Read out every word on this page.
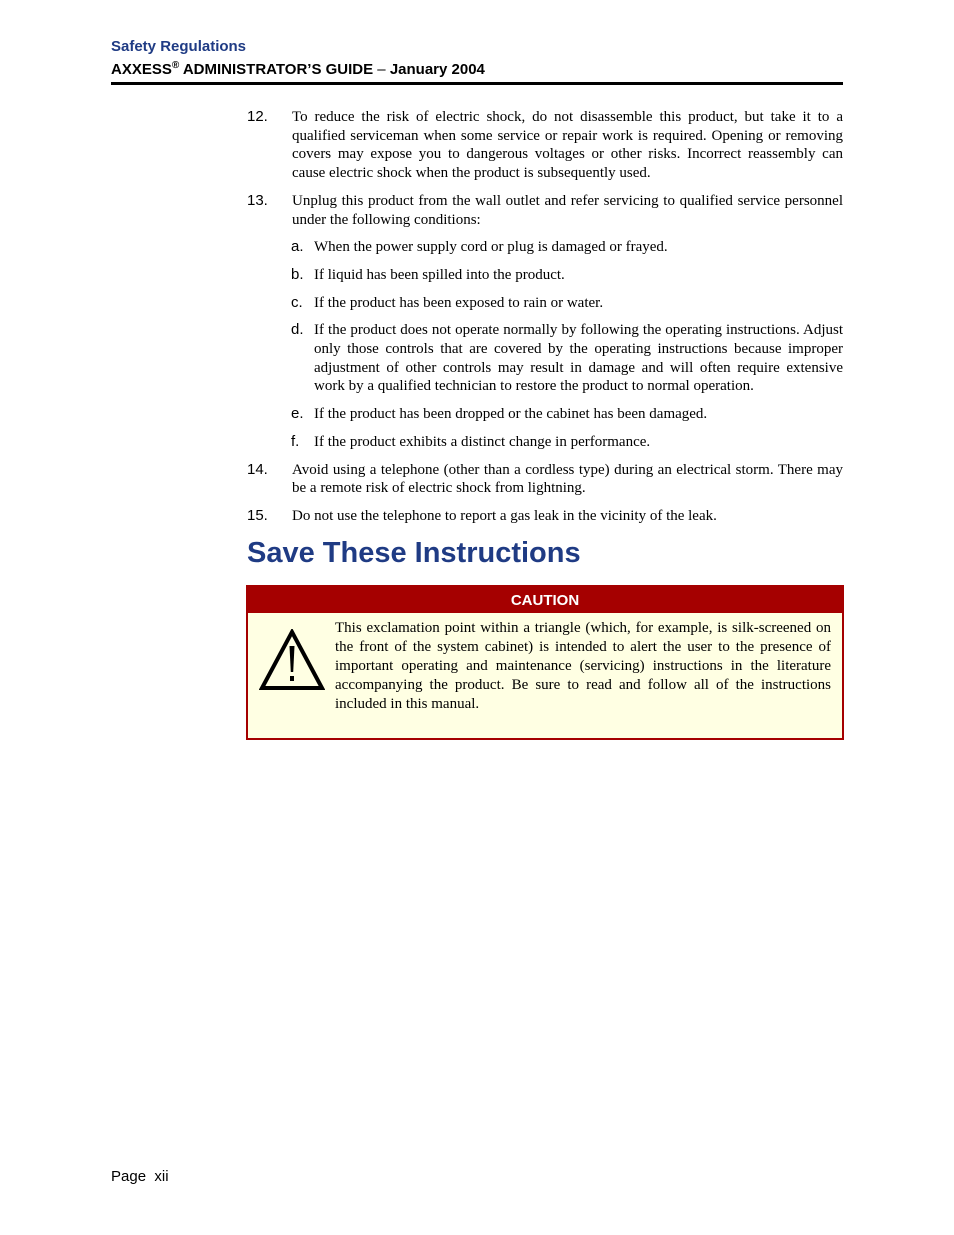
Safety Regulations
AXXESS® ADMINISTRATOR’S GUIDE – January 2004
12. To reduce the risk of electric shock, do not disassemble this product, but take it to a qualified serviceman when some service or repair work is required. Opening or removing covers may expose you to dangerous voltages or other risks. Incorrect reassembly can cause electric shock when the product is subsequently used.
13. Unplug this product from the wall outlet and refer servicing to qualified service personnel under the following conditions:
a. When the power supply cord or plug is damaged or frayed.
b. If liquid has been spilled into the product.
c. If the product has been exposed to rain or water.
d. If the product does not operate normally by following the operating instructions. Adjust only those controls that are covered by the operating instructions because improper adjustment of other controls may result in damage and will often require extensive work by a qualified technician to restore the product to normal operation.
e. If the product has been dropped or the cabinet has been damaged.
f. If the product exhibits a distinct change in performance.
14. Avoid using a telephone (other than a cordless type) during an electrical storm. There may be a remote risk of electric shock from lightning.
15. Do not use the telephone to report a gas leak in the vicinity of the leak.
Save These Instructions
CAUTION
This exclamation point within a triangle (which, for example, is silk-screened on the front of the system cabinet) is intended to alert the user to the presence of important operating and maintenance (servicing) instructions in the literature accompanying the product. Be sure to read and follow all of the instructions included in this manual.
Page  xii
